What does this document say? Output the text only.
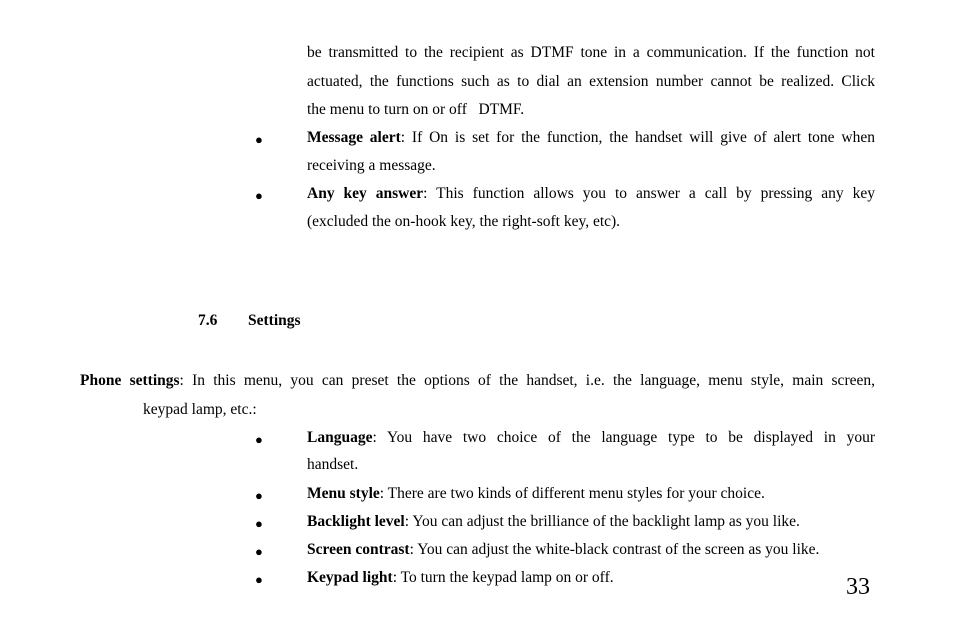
be transmitted to the recipient as DTMF tone in a communication. If the function not
actuated, the functions such as to dial an extension number cannot be realized. Click
the menu to turn on or off   DTMF.
●	Message alert: If On is set for the function, the handset will give of alert tone when
receiving a message.
●	Any key answer: This function allows you to answer a call by pressing any key
(excluded the on-hook key, the right-soft key, etc).
7.6 Settings
Phone settings: In this menu, you can preset the options of the handset, i.e. the language, menu style, main screen,
keypad lamp, etc.:
●	Language: You have two choice of the language type to be displayed in your
handset.
●	Menu style: There are two kinds of different menu styles for your choice.
●	Backlight level: You can adjust the brilliance of the backlight lamp as you like.
●	Screen contrast: You can adjust the white-black contrast of the screen as you like.
●	Keypad light: To turn the keypad lamp on or off.	33
